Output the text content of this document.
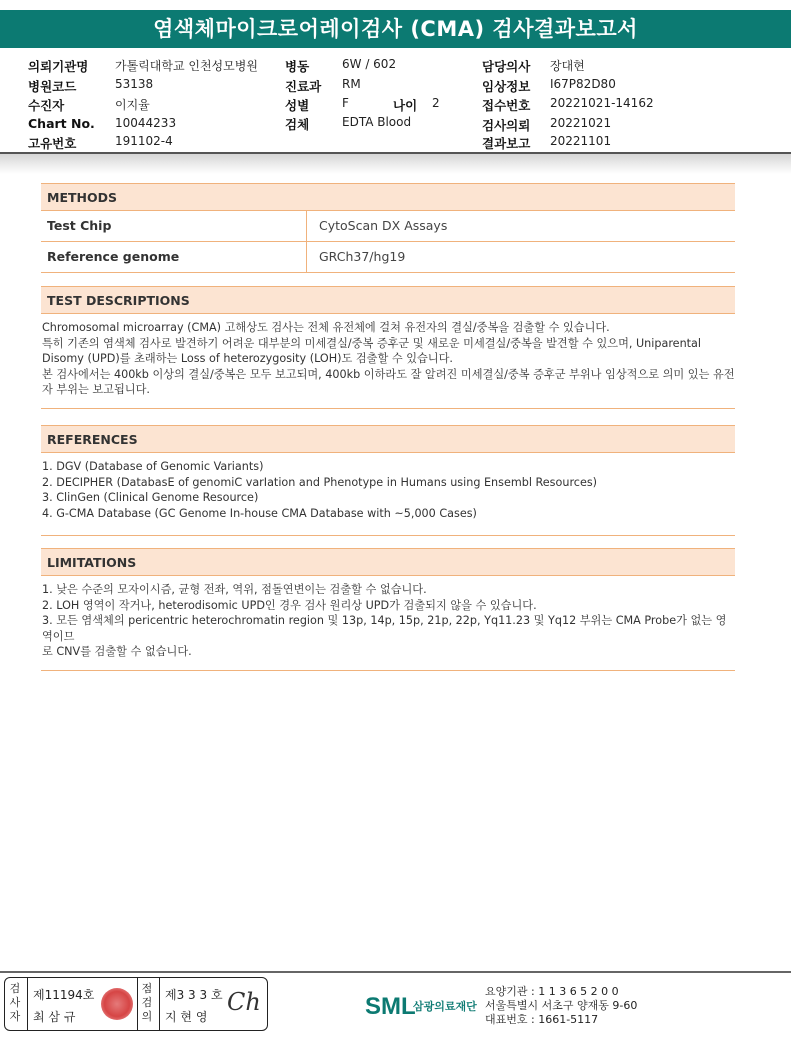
염색체마이크로어레이검사 (CMA) 검사결과보고서
의뢰기관명 가톨릭대학교 인천성모병원
병원코드	53138
수진자	이지율
Chart No. 10044233
고유번호	191102-4
병동	6W / 602
진료과 RM
성별	F	나이 2
검체	EDTA Blood
담당의사 장대현
임상정보 I67P82D80
접수번호 20221021-14162
검사의뢰 20221021
결과보고 20221101
METHODS
Test Chip	CytoScan DX Assays
Reference genome	GRCh37/hg19
TEST DESCRIPTIONS
Chromosomal microarray (CMA) 고해상도 검사는 전체 유전체에 걸쳐 유전자의 결실/중복을 검출할 수 있습니다.
특히 기존의 염색체 검사로 발견하기 어려운 대부분의 미세결실/중복 증후군 및 새로운 미세결실/중복을 발견할 수 있으며, Uniparental
Disomy (UPD)를 초래하는 Loss of heterozygosity (LOH)도 검출할 수 있습니다.
본 검사에서는 400kb 이상의 결실/중복은 모두 보고되며, 400kb 이하라도 잘 알려진 미세결실/중복 증후군 부위나 임상적으로 의미 있는 유전
자 부위는 보고됩니다.
REFERENCES
1. DGV (Database of Genomic Variants)
2. DECIPHER (DatabasE of genomiC varIation and Phenotype in Humans using Ensembl Resources)
3. ClinGen (Clinical Genome Resource)
4. G-CMA Database (GC Genome In-house CMA Database with ~5,000 Cases)
LIMITATIONS
1. 낮은 수준의 모자이시즘, 균형 전좌, 역위, 점돌연변이는 검출할 수 없습니다.
2. LOH 영역이 작거나, heterodisomic UPD인 경우 검사 원리상 UPD가 검출되지 않을 수 있습니다.
3. 모든 염색체의 pericentric heterochromatin region 및 13p, 14p, 15p, 21p, 22p, Yq11.23 및 Yq12 부위는 CMA Probe가 없는 영역이므
로 CNV를 검출할 수 없습니다.
검사자
제11194호
최 삼 규
점검의
제3 3 3 호
지 현 영
Ch	SML
삼광의료재단
요양기관 : 1 1 3 6 5 2 0 0
서울특별시 서초구 양재동 9-60
대표번호 : 1661-5117
